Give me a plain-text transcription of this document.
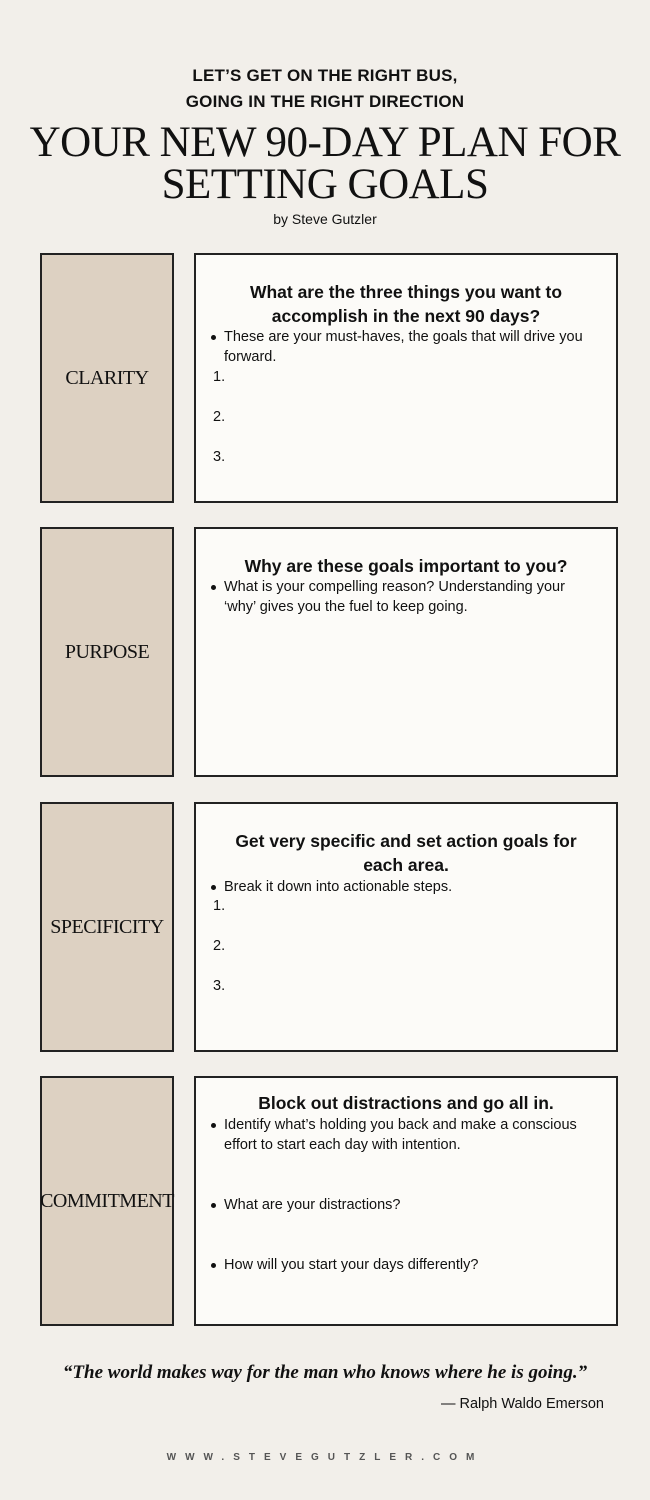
LET’S GET ON THE RIGHT BUS,
GOING IN THE RIGHT DIRECTION
YOUR NEW 90-DAY PLAN FOR
SETTING GOALS
by Steve Gutzler
CLARITY
What are the three things you want to
accomplish in the next 90 days?
These are your must-haves, the goals that will drive you forward.
1.
2.
3.
PURPOSE
Why are these goals important to you?
What is your compelling reason? Understanding your ‘why’ gives you the fuel to keep going.
SPECIFICITY
Get very specific and set action goals for
each area.
Break it down into actionable steps.
1.
2.
3.
COMMITMENT
Block out distractions and go all in.
Identify what’s holding you back and make a conscious effort to start each day with intention.
What are your distractions?
How will you start your days differently?
“The world makes way for the man who knows where he is going.”
— Ralph Waldo Emerson
WWW.STEVEGUTZLER.COM
